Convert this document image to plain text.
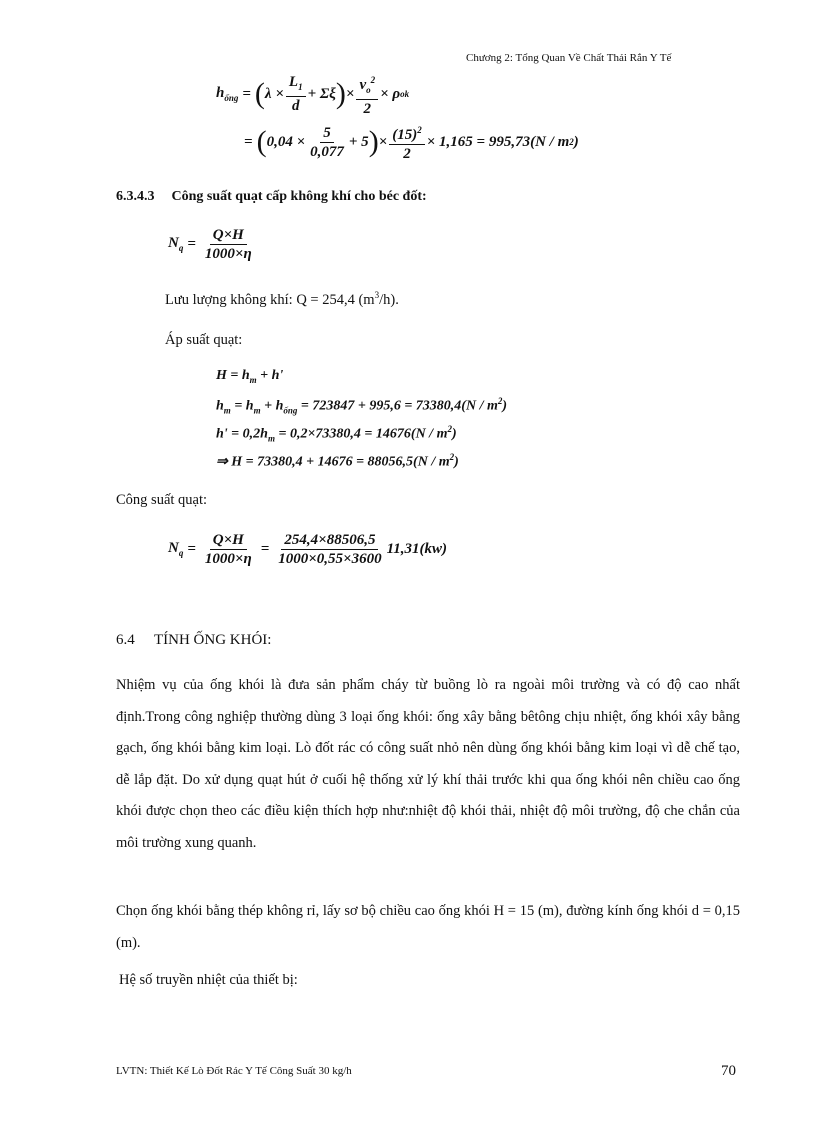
Chương 2: Tổng Quan Về Chất Thải Rắn Y Tế
$h_{ống}$ = ( $\lambda \times \frac{L_1}{d} + \Sigma\xi$ ) × $\frac{v_o^2}{2} \times \rho$ ok
= ( $0,04 \times \frac{5}{0,077} + 5$ ) × $\frac{(15)^2}{2} \times 1,165 = 995,73(N / m$ 2 )
6.3.4.3 Công suất quạt cấp không khí cho béc đốt:
$N_q = \frac{Q\times H}{1000\times\eta}$
Lưu lượng không khí: Q = 254,4 $(m^3/h)$.
Áp suất quạt:
$H = h_m + h'$
$h_m = h_m + h_{ống} = 723847 + 995,6 = 73380,4(N / m^2)$
$h' = 0,2h_m = 0,2\times 73380,4 = 14676(N / m^2)$
⇒ $H = 73380,4 + 14676 = 88056,5(N / m^2)$
Công suất quạt:
$N_q = \frac{Q\times H}{1000\times\eta} = \frac{254,4\times 88506,5}{1000\times 0,55\times 3600} 11,31(kw)$
6.4 TÍNH ỐNG KHÓI:
Nhiệm vụ của ống khói là đưa sản phẩm cháy từ buồng lò ra ngoài môi trường và có độ cao nhất định.Trong công nghiệp thường dùng 3 loại ống khói: ống xây bằng bêtông chịu nhiệt, ống khói xây bằng gạch, ống khói bằng kim loại. Lò đốt rác có công suất nhỏ nên dùng ống khói bằng kim loại vì dễ chế tạo, dễ lắp đặt. Do xử dụng quạt hút ở cuối hệ thống xử lý khí thải trước khi qua ống khói nên chiều cao ống khói được chọn theo các điều kiện thích hợp như:nhiệt độ khói thải, nhiệt độ môi trường, độ che chắn của môi trường xung quanh.
Chọn ống khói bằng thép không rỉ, lấy sơ bộ chiều cao ống khói H = 15 (m), đường kính ống khói d = 0,15 (m).
Hệ số truyền nhiệt của thiết bị:
LVTN: Thiết Kế Lò Đốt Rác Y Tế Công Suất 30 kg/h	70
